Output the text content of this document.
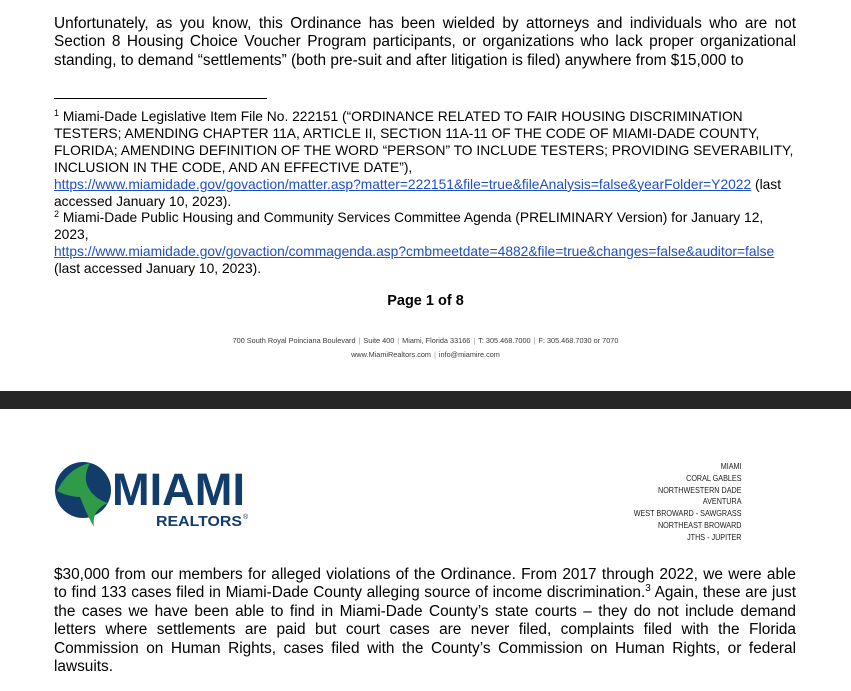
Unfortunately, as you know, this Ordinance has been wielded by attorneys and individuals who are not Section 8 Housing Choice Voucher Program participants, or organizations who lack proper organizational standing, to demand “settlements” (both pre-suit and after litigation is filed) anywhere from $15,000 to

$^1$ Miami-Dade Legislative Item File No. 222151 (“ORDINANCE RELATED TO FAIR HOUSING DISCRIMINATION TESTERS; AMENDING CHAPTER 11A, ARTICLE II, SECTION 11A-11 OF THE CODE OF MIAMI-DADE COUNTY, FLORIDA; AMENDING DEFINITION OF THE WORD “PERSON” TO INCLUDE TESTERS; PROVIDING SEVERABILITY, INCLUSION IN THE CODE, AND AN EFFECTIVE DATE”),
https://www.miamidade.gov/govaction/matter.asp?matter=222151&file=true&fileAnalysis=false&yearFolder=Y2022 (last accessed January 10, 2023).

$^2$ Miami-Dade Public Housing and Community Services Committee Agenda (PRELIMINARY Version) for January 12, 2023,
https://www.miamidade.gov/govaction/commagenda.asp?cmbmeetdate=4882&file=true&changes=false&auditor=false (last accessed January 10, 2023).

Page 1 of 8
700 South Royal Poinciana Boulevard | Suite 400 | Miami, Florida 33166 | T: 305.468.7000 | F: 305.468.7030 or 7070
www.MiamiRealtors.com | info@miamire.com
MIAMI
REALTORS ®
MIAMI
CORAL GABLES
NORTHWESTERN DADE
AVENTURA
WEST BROWARD - SAWGRASS
NORTHEAST BROWARD
JTHS - JUPITER

$30,000 from our members for alleged violations of the Ordinance. From 2017 through 2022, we were able to find 133 cases filed in Miami-Dade County alleging source of income discrimination.$^3$ Again, these are just the cases we have been able to find in Miami-Dade County’s state courts – they do not include demand letters where settlements are paid but court cases are never filed, complaints filed with the Florida Commission on Human Rights, cases filed with the County’s Commission on Human Rights, or federal lawsuits.
